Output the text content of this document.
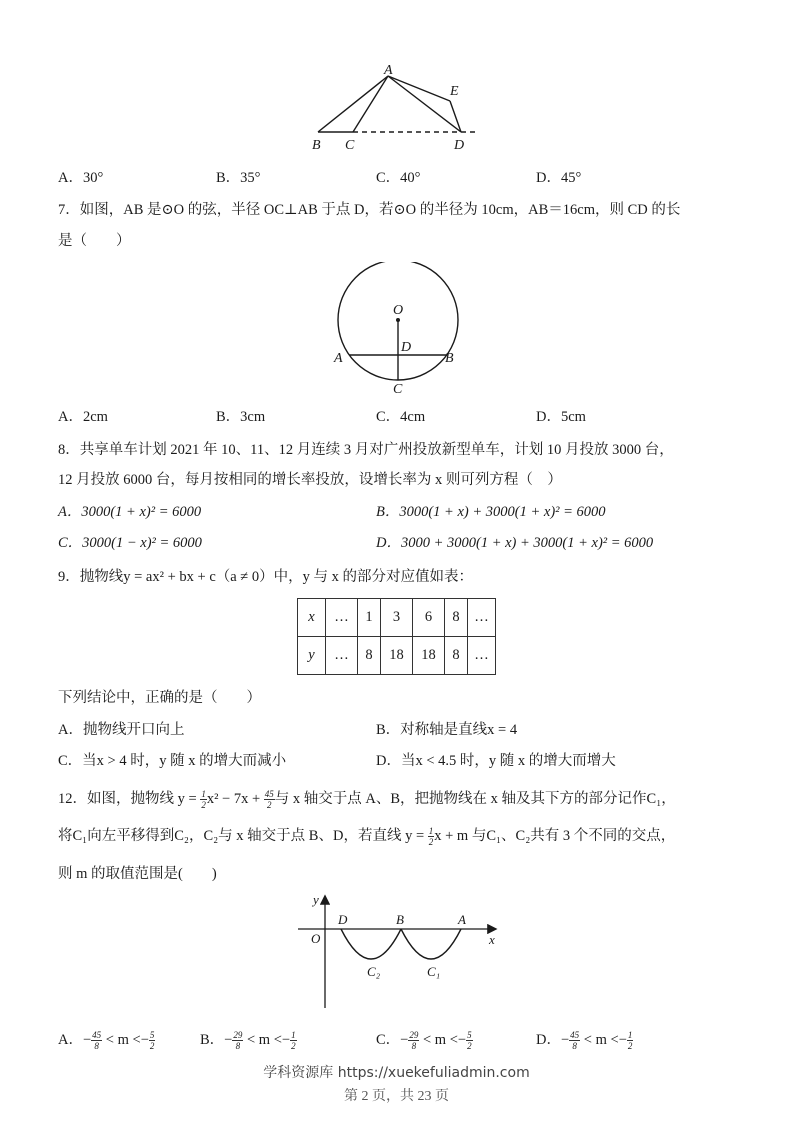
A
B C	D
E
A．30°	B．35°	C．40°	D．45°
7．如图，AB 是⊙O 的弦，半径 OC⊥AB 于点 D，若⊙O 的半径为 10cm，AB＝16cm，则 CD 的长
是（　　）
O
D
A	B
C
A．2cm	B．3cm	C．4cm	D．5cm
8．共享单车计划 2021 年 10、11、12 月连续 3 月对广州投放新型单车，计划 10 月投放 3000 台，
12 月投放 6000 台，每月按相同的增长率投放，设增长率为 x 则可列方程（　）
A．3000(1 + x)² = 6000	B．3000(1 + x) + 3000(1 + x)² = 6000
C．3000(1 − x)² = 6000	D．3000 + 3000(1 + x) + 3000(1 + x)² = 6000
9．抛物线y = ax² + bx + c（a ≠ 0）中，y 与 x 的部分对应值如表：
x	…	1	3	6	8	…
y	…	8	18	18	8	…
下列结论中，正确的是（　　）
A．抛物线开口向上	B．对称轴是直线x = 4
C．当x > 4 时，y 随 x 的增大而减小	D．当x < 4.5 时，y 随 x 的增大而增大
12．如图，抛物线 $y = \frac{1}{2} x^2 - 7x + \frac{45}{2}$ 与 x 轴交于点 A、B，把抛物线在 x 轴及其下方的部分记作C₁，
将C₁向左平移得到C₂，C₂与 x 轴交于点 B、D，若直线 $y = \frac{1}{2}$ x + m 与C₁、C₂共有 3 个不同的交点，
则 m 的取值范围是(　　)
y
x
O
D	B	A
C₂	C₁
A．− $\frac{45}{8} < m <- \frac{5}{2}$	B．− $\frac{29}{8} < m <- \frac{1}{2}$	C．− $\frac{29}{8} < m <- \frac{5}{2}$	D．− $\frac{45}{8} < m <- \frac{1}{2}$
学科资源库 https://xuekefuliadmin.com
第 2 页，共 23 页
